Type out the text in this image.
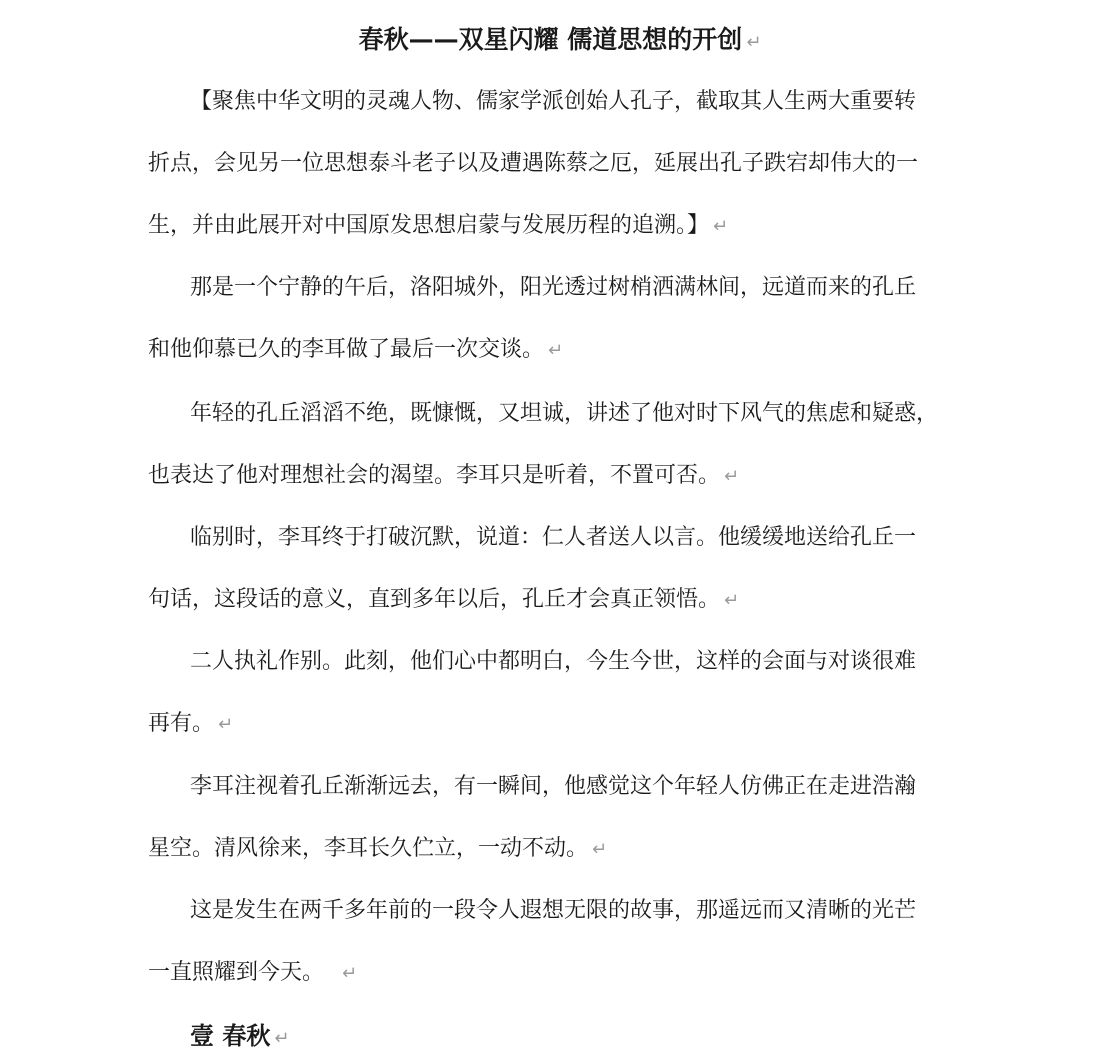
春秋——双星闪耀 儒道思想的开创 ↵
【聚焦中华文明的灵魂人物、儒家学派创始人孔子，截取其人生两大重要转
折点，会见另一位思想泰斗老子以及遭遇陈蔡之厄，延展出孔子跌宕却伟大的一
生，并由此展开对中国原发思想启蒙与发展历程的追溯。】 ↵
那是一个宁静的午后，洛阳城外，阳光透过树梢洒满林间，远道而来的孔丘
和他仰慕已久的李耳做了最后一次交谈。 ↵
年轻的孔丘滔滔不绝，既慷慨，又坦诚，讲述了他对时下风气的焦虑和疑惑，
也表达了他对理想社会的渴望。李耳只是听着，不置可否。 ↵
临别时，李耳终于打破沉默，说道：仁人者送人以言。他缓缓地送给孔丘一
句话，这段话的意义，直到多年以后，孔丘才会真正领悟。 ↵
二人执礼作别。此刻，他们心中都明白，今生今世，这样的会面与对谈很难
再有。 ↵
李耳注视着孔丘渐渐远去，有一瞬间，他感觉这个年轻人仿佛正在走进浩瀚
星空。清风徐来，李耳长久伫立，一动不动。 ↵
这是发生在两千多年前的一段令人遐想无限的故事，那遥远而又清晰的光芒
一直照耀到今天。 ↵
壹 春秋 ↵
